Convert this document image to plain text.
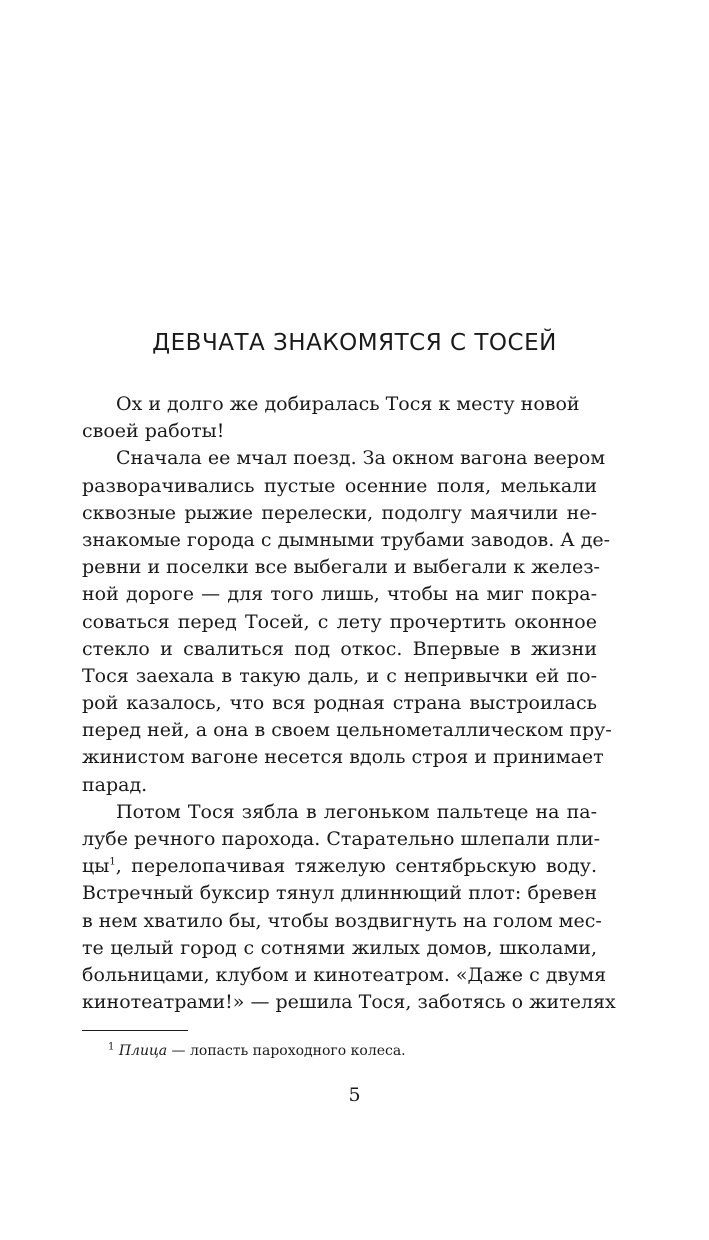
ДЕВЧАТА ЗНАКОМЯТСЯ С ТОСЕЙ
Ох и долго же добиралась Тося к месту новой
своей работы!
Сначала ее мчал поезд. За окном вагона веером
разворачивались пустые осенние поля, мелькали
сквозные рыжие перелески, подолгу маячили не-
знакомые города с дымными трубами заводов. А де-
ревни и поселки все выбегали и выбегали к желез-
ной дороге — для того лишь, чтобы на миг покра-
соваться перед Тосей, с лету прочертить оконное
стекло и свалиться под откос. Впервые в жизни
Тося заехала в такую даль, и с непривычки ей по-
рой казалось, что вся родная страна выстроилась
перед ней, а она в своем цельнометаллическом пру-
жинистом вагоне несется вдоль строя и принимает
парад.
Потом Тося зябла в легоньком пальтеце на па-
лубе речного парохода. Старательно шлепали пли-
$цы^1$, перелопачивая тяжелую сентябрьскую воду.
Встречный буксир тянул длиннющий плот: бревен
в нем хватило бы, чтобы воздвигнуть на голом мес-
те целый город с сотнями жилых домов, школами,
больницами, клубом и кинотеатром. «Даже с двумя
кинотеатрами!» — решила Тося, заботясь о жителях
$^1$ Плица — лопасть пароходного колеса.
5
